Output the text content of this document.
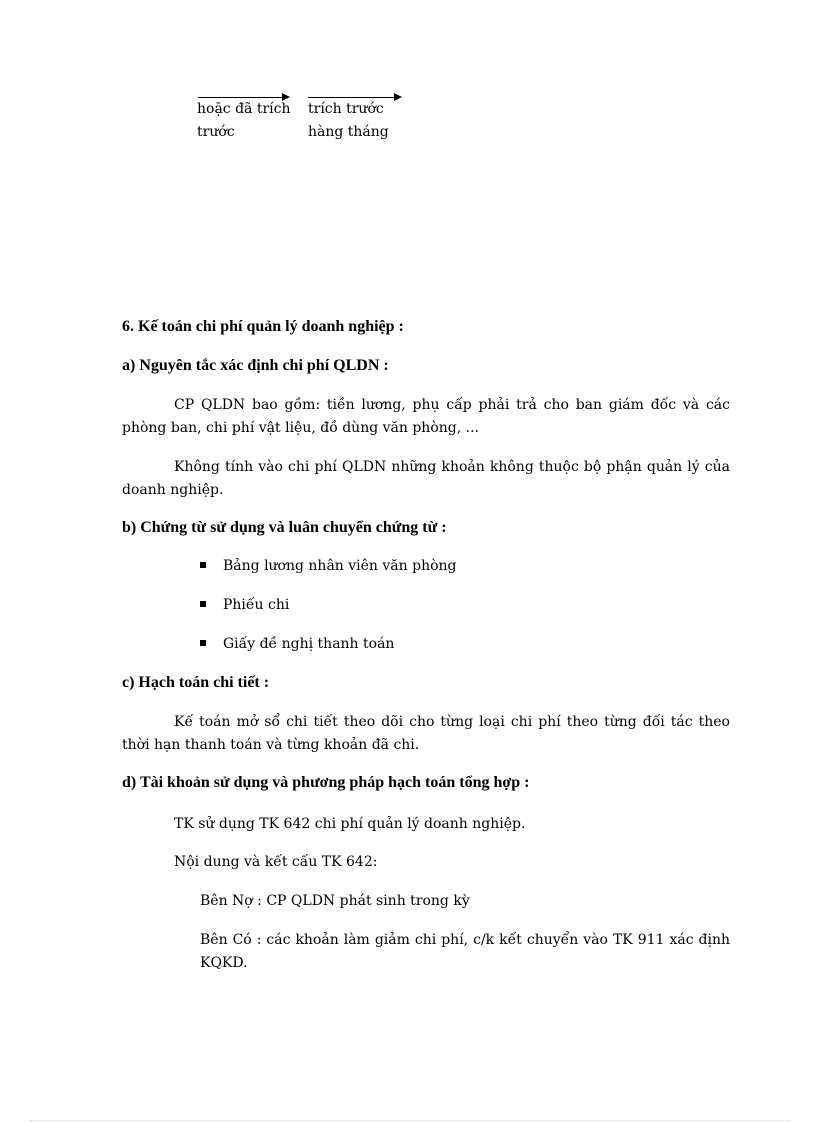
hoặc đã trích
trước
trích trước
hàng tháng
6. Kế toán chi phí quản lý doanh nghiệp :
a) Nguyên tắc xác định chi phí QLDN :
CP QLDN bao gồm: tiền lương, phụ cấp phải trả cho ban giám đốc và các phòng ban, chi phí vật liệu, đồ dùng văn phòng, ...
Không tính vào chi phí QLDN những khoản không thuộc bộ phận quản lý của doanh nghiệp.
b) Chứng từ sử dụng và luân chuyển chứng từ :
Bảng lương nhân viên văn phòng
Phiếu chi
Giấy đề nghị thanh toán
c) Hạch toán chi tiết :
Kế toán mở sổ chi tiết theo dõi cho từng loại chi phí theo từng đối tác theo thời hạn thanh toán và từng khoản đã chi.
d) Tài khoản sử dụng và phương pháp hạch toán tổng hợp :
TK sử dụng TK 642 chi phí quản lý doanh nghiệp.
Nội dung và kết cấu TK 642:
Bên Nợ : CP QLDN phát sinh trong kỳ
Bên Có : các khoản làm giảm chi phí, c/k kết chuyển vào TK 911 xác định KQKD.
